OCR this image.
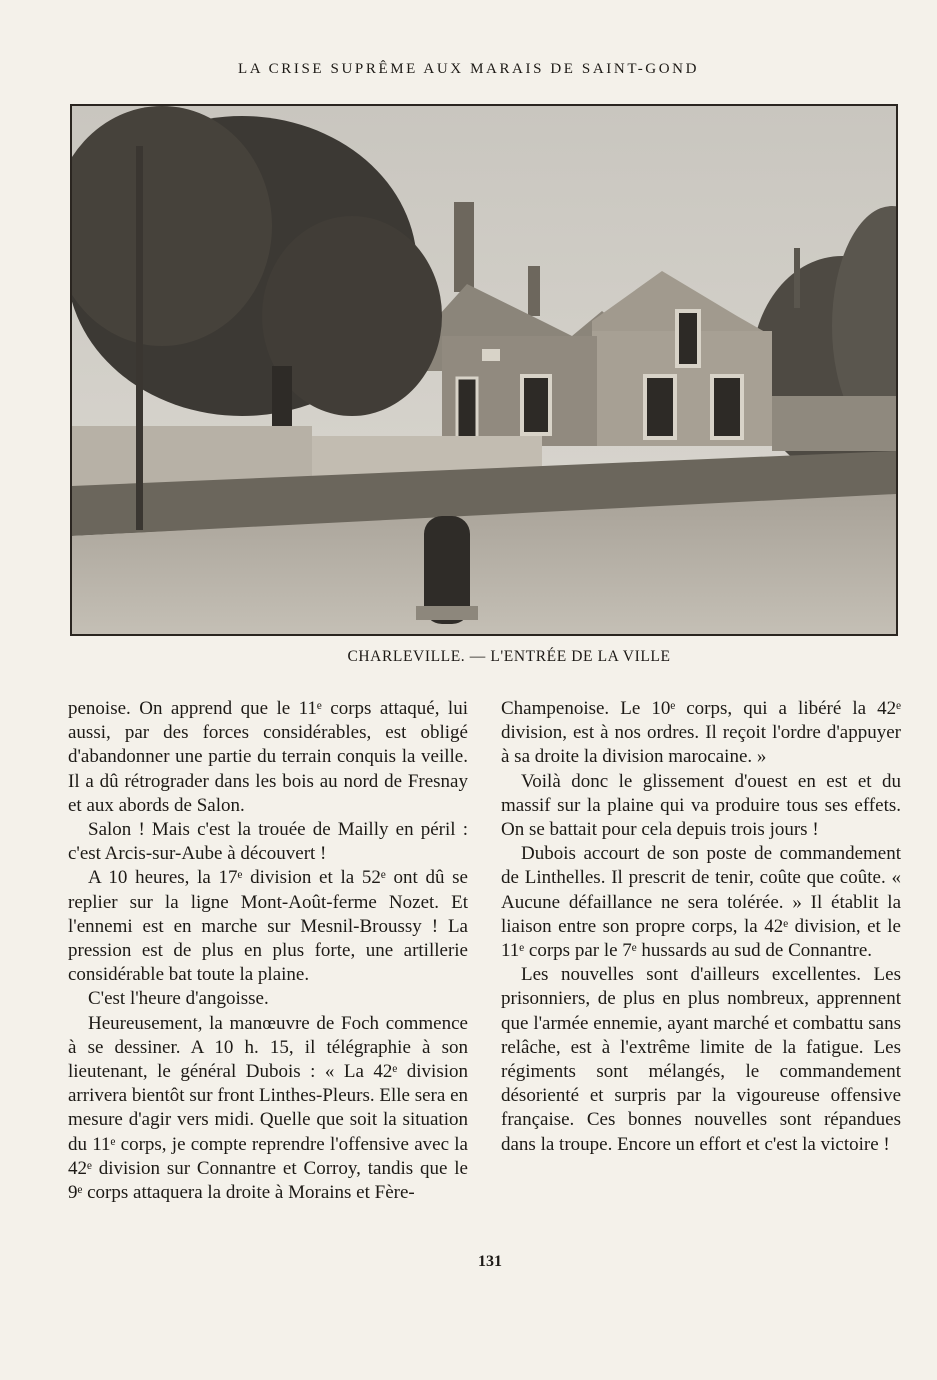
LA CRISE SUPRÊME AUX MARAIS DE SAINT-GOND
CHARLEVILLE. — L'ENTRÉE DE LA VILLE

penoise. On apprend que le 11ᵉ corps attaqué, lui aussi, par des forces considérables, est obligé d'abandonner une partie du terrain conquis la veille. Il a dû rétrograder dans les bois au nord de Fresnay et aux abords de Salon.

Salon ! Mais c'est la trouée de Mailly en péril : c'est Arcis-sur-Aube à découvert !

A 10 heures, la 17ᵉ division et la 52ᵉ ont dû se replier sur la ligne Mont-Août-ferme Nozet. Et l'ennemi est en marche sur Mesnil-Broussy ! La pression est de plus en plus forte, une artillerie considérable bat toute la plaine.

C'est l'heure d'angoisse.

Heureusement, la manœuvre de Foch commence à se dessiner. A 10 h. 15, il télégraphie à son lieutenant, le général Dubois : « La 42ᵉ division arrivera bientôt sur front Linthes-Pleurs. Elle sera en mesure d'agir vers midi. Quelle que soit la situation du 11ᵉ corps, je compte reprendre l'offensive avec la 42ᵉ division sur Connantre et Corroy, tandis que le 9ᵉ corps attaquera la droite à Morains et Fère-

Champenoise. Le 10ᵉ corps, qui a libéré la 42ᵉ division, est à nos ordres. Il reçoit l'ordre d'appuyer à sa droite la division marocaine. »

Voilà donc le glissement d'ouest en est et du massif sur la plaine qui va produire tous ses effets. On se battait pour cela depuis trois jours !

Dubois accourt de son poste de commandement de Linthelles. Il prescrit de tenir, coûte que coûte. « Aucune défaillance ne sera tolérée. » Il établit la liaison entre son propre corps, la 42ᵉ division, et le 11ᵉ corps par le 7ᵉ hussards au sud de Connantre.

Les nouvelles sont d'ailleurs excellentes. Les prisonniers, de plus en plus nombreux, apprennent que l'armée ennemie, ayant marché et combattu sans relâche, est à l'extrême limite de la fatigue. Les régiments sont mélangés, le commandement désorienté et surpris par la vigoureuse offensive française. Ces bonnes nouvelles sont répandues dans la troupe. Encore un effort et c'est la victoire !

131
